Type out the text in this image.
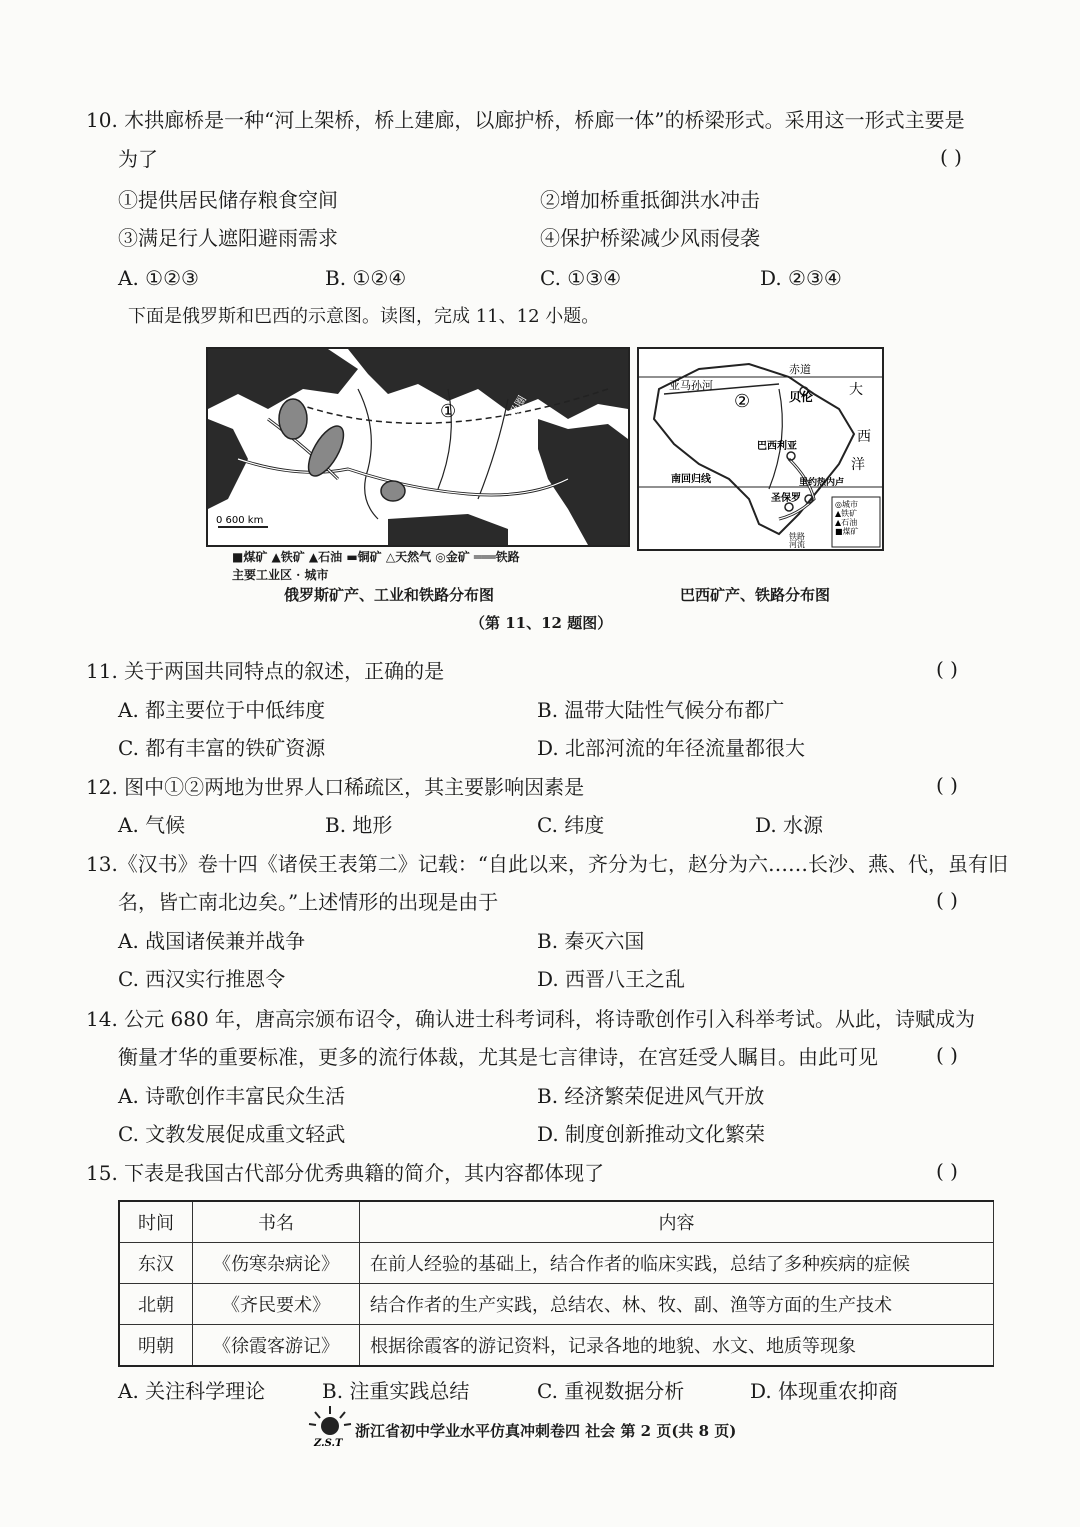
10. 木拱廊桥是一种“河上架桥，桥上建廊，以廊护桥，桥廊一体”的桥梁形式。采用这一形式主要是
为了	( )
①提供居民储存粮食空间	②增加桥重抵御洪水冲击
③满足行人遮阳避雨需求	④保护桥梁减少风雨侵袭
A. ①②③	B. ①②④	C. ①③④	D. ②③④
下面是俄罗斯和巴西的示意图。读图，完成 11、12 小题。
①	北极圈
0 600 km
■煤矿 ▲铁矿 ▲石油 ▬铜矿 △天然气 ◎金矿 ═══铁路
主要工业区 · 城市
俄罗斯矿产、工业和铁路分布图
②
赤道
亚马孙河
贝伦	大
西
洋
巴西利亚
南回归线	里约热内卢
圣保罗
◎城市
▲铁矿
▲石油
■煤矿
铁路
河流
巴西矿产、铁路分布图
（第 11、12 题图）
11. 关于两国共同特点的叙述，正确的是	( )
A. 都主要位于中低纬度	B. 温带大陆性气候分布都广
C. 都有丰富的铁矿资源	D. 北部河流的年径流量都很大
12. 图中①②两地为世界人口稀疏区，其主要影响因素是	( )
A. 气候	B. 地形	C. 纬度	D. 水源
13.《汉书》卷十四《诸侯王表第二》记载：“自此以来，齐分为七，赵分为六……长沙、燕、代，虽有旧
名，皆亡南北边矣。”上述情形的出现是由于	( )
A. 战国诸侯兼并战争	B. 秦灭六国
C. 西汉实行推恩令	D. 西晋八王之乱
14. 公元 680 年，唐高宗颁布诏令，确认进士科考词科，将诗歌创作引入科举考试。从此，诗赋成为
衡量才华的重要标准，更多的流行体裁，尤其是七言律诗，在宫廷受人瞩目。由此可见	( )
A. 诗歌创作丰富民众生活	B. 经济繁荣促进风气开放
C. 文教发展促成重文轻武	D. 制度创新推动文化繁荣
15. 下表是我国古代部分优秀典籍的简介，其内容都体现了	( )
时间	书名	内容
东汉	《伤寒杂病论》	在前人经验的基础上，结合作者的临床实践，总结了多种疾病的症候
北朝	《齐民要术》	结合作者的生产实践，总结农、林、牧、副、渔等方面的生产技术
明朝	《徐霞客游记》	根据徐霞客的游记资料，记录各地的地貌、水文、地质等现象
A. 关注科学理论	B. 注重实践总结	C. 重视数据分析	D. 体现重农抑商
Z.S.T
浙江省初中学业水平仿真冲刺卷四 社会 第 2 页(共 8 页)
